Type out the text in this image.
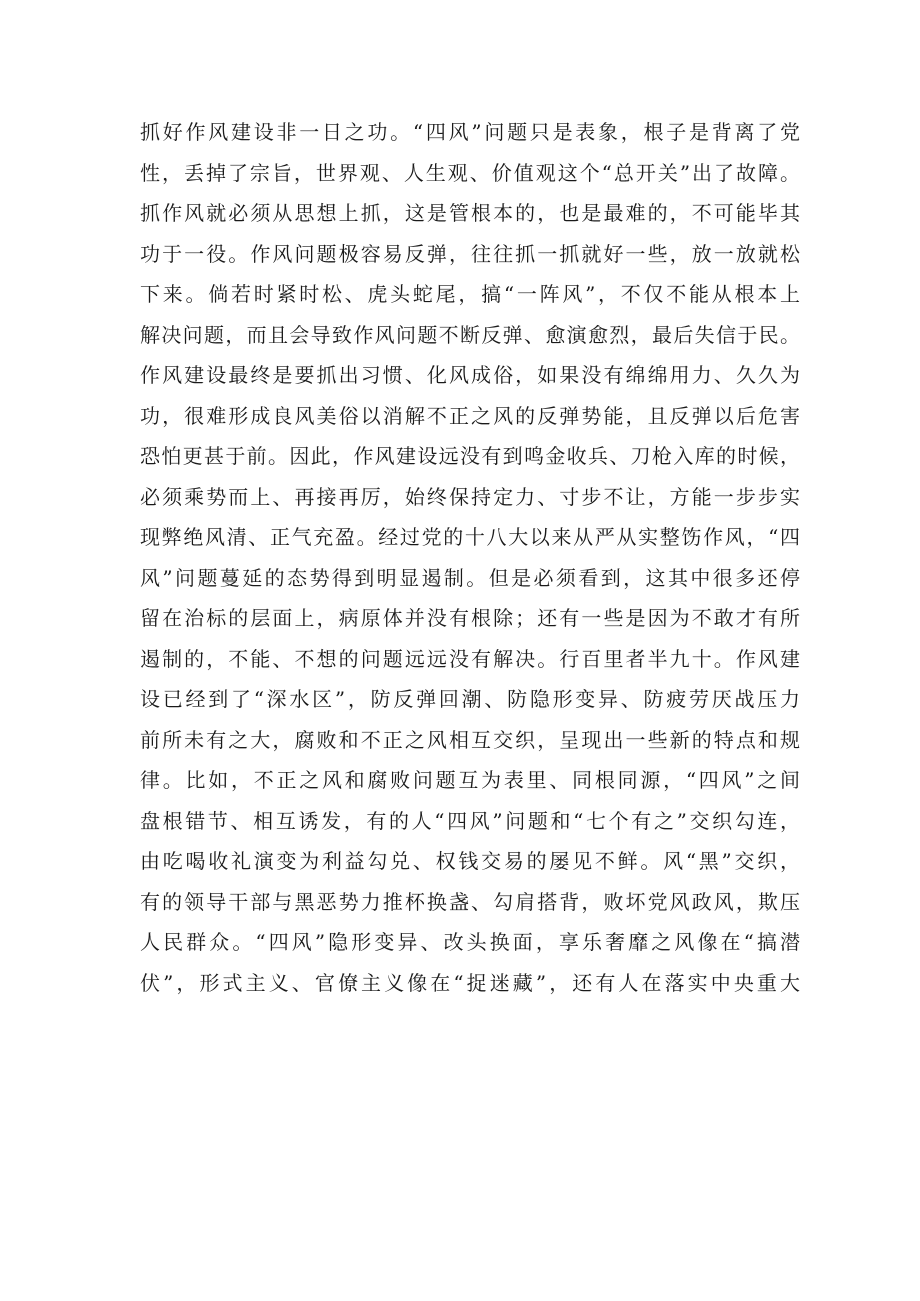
抓好作风建设非一日之功。“四风”问题只是表象，根子是背离了党
性，丢掉了宗旨，世界观、人生观、价值观这个“总开关”出了故障。
抓作风就必须从思想上抓，这是管根本的，也是最难的，不可能毕其
功于一役。作风问题极容易反弹，往往抓一抓就好一些，放一放就松
下来。倘若时紧时松、虎头蛇尾，搞“一阵风”，不仅不能从根本上
解决问题，而且会导致作风问题不断反弹、愈演愈烈，最后失信于民。
作风建设最终是要抓出习惯、化风成俗，如果没有绵绵用力、久久为
功，很难形成良风美俗以消解不正之风的反弹势能，且反弹以后危害
恐怕更甚于前。因此，作风建设远没有到鸣金收兵、刀枪入库的时候，
必须乘势而上、再接再厉，始终保持定力、寸步不让，方能一步步实
现弊绝风清、正气充盈。经过党的十八大以来从严从实整饬作风，“四
风”问题蔓延的态势得到明显遏制。但是必须看到，这其中很多还停
留在治标的层面上，病原体并没有根除；还有一些是因为不敢才有所
遏制的，不能、不想的问题远远没有解决。行百里者半九十。作风建
设已经到了“深水区”，防反弹回潮、防隐形变异、防疲劳厌战压力
前所未有之大，腐败和不正之风相互交织，呈现出一些新的特点和规
律。比如，不正之风和腐败问题互为表里、同根同源，“四风”之间
盘根错节、相互诱发，有的人“四风”问题和“七个有之”交织勾连，
由吃喝收礼演变为利益勾兑、权钱交易的屡见不鲜。风“黑”交织，
有的领导干部与黑恶势力推杯换盏、勾肩搭背，败坏党风政风，欺压
人民群众。“四风”隐形变异、改头换面，享乐奢靡之风像在“搞潜
伏”，形式主义、官僚主义像在“捉迷藏”，还有人在落实中央重大
